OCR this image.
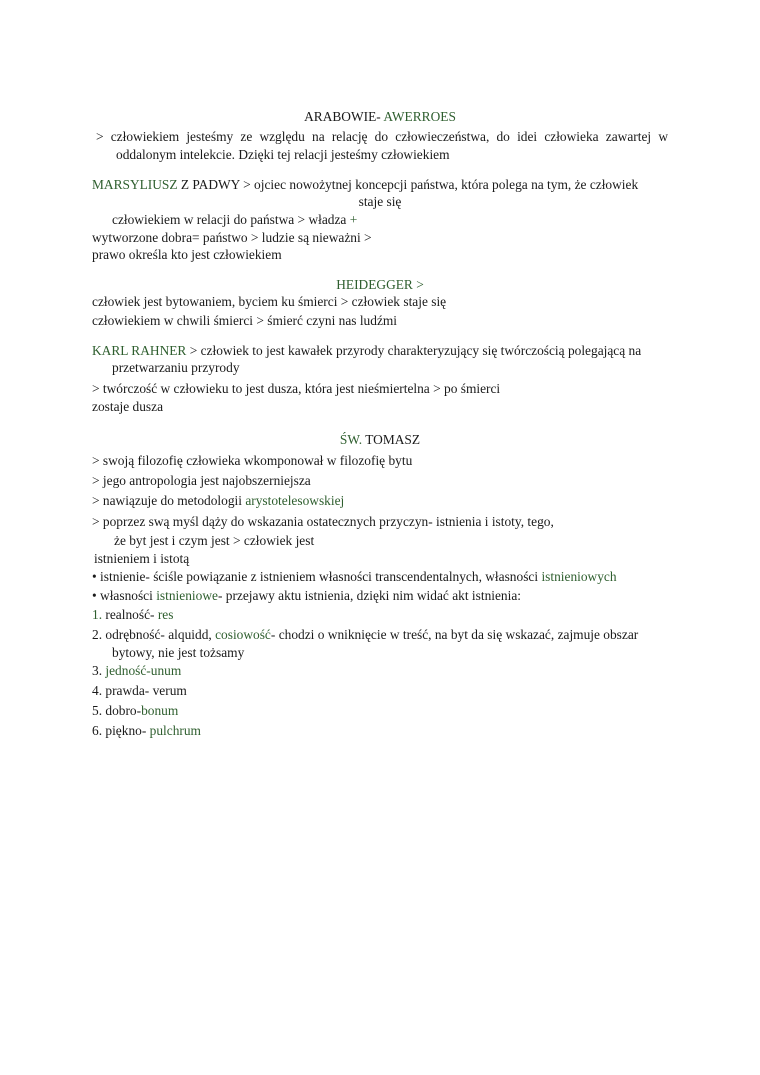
ARABOWIE- AWERROES
> człowiekiem jesteśmy ze względu na relację do człowieczeństwa, do idei człowieka zawartej w
oddalonym intelekcie. Dzięki tej relacji jesteśmy człowiekiem
MARSYLIUSZ Z PADWY > ojciec nowożytnej koncepcji państwa, która polega na tym, że człowiek
staje się
człowiekiem w relacji do państwa > władza +
wytworzone dobra= państwo > ludzie są nieważni >
prawo określa kto jest człowiekiem
HEIDEGGER >
człowiek jest bytowaniem, byciem ku śmierci > człowiek staje się
człowiekiem w chwili śmierci > śmierć czyni nas ludźmi
KARL RAHNER > człowiek to jest kawałek przyrody charakteryzujący się twórczością polegającą na
przetwarzaniu przyrody
> twórczość w człowieku to jest dusza, która jest nieśmiertelna > po śmierci
zostaje dusza
ŚW. TOMASZ
> swoją filozofię człowieka wkomponował w filozofię bytu
> jego antropologia jest najobszerniejsza
> nawiązuje do metodologii arystotelesowskiej
> poprzez swą myśl dąży do wskazania ostatecznych przyczyn- istnienia i istoty, tego,
że byt jest i czym jest > człowiek jest
istnieniem i istotą
• istnienie- ściśle powiązanie z istnieniem własności transcendentalnych, własności istnieniowych
• własności istnieniowe- przejawy aktu istnienia, dzięki nim widać akt istnienia:
1. realność- res
2. odrębność- alquidd, cosiowość- chodzi o wniknięcie w treść, na byt da się wskazać, zajmuje obszar
bytowy, nie jest tożsamy
3. jedność-unum
4. prawda- verum
5. dobro-bonum
6. piękno- pulchrum
